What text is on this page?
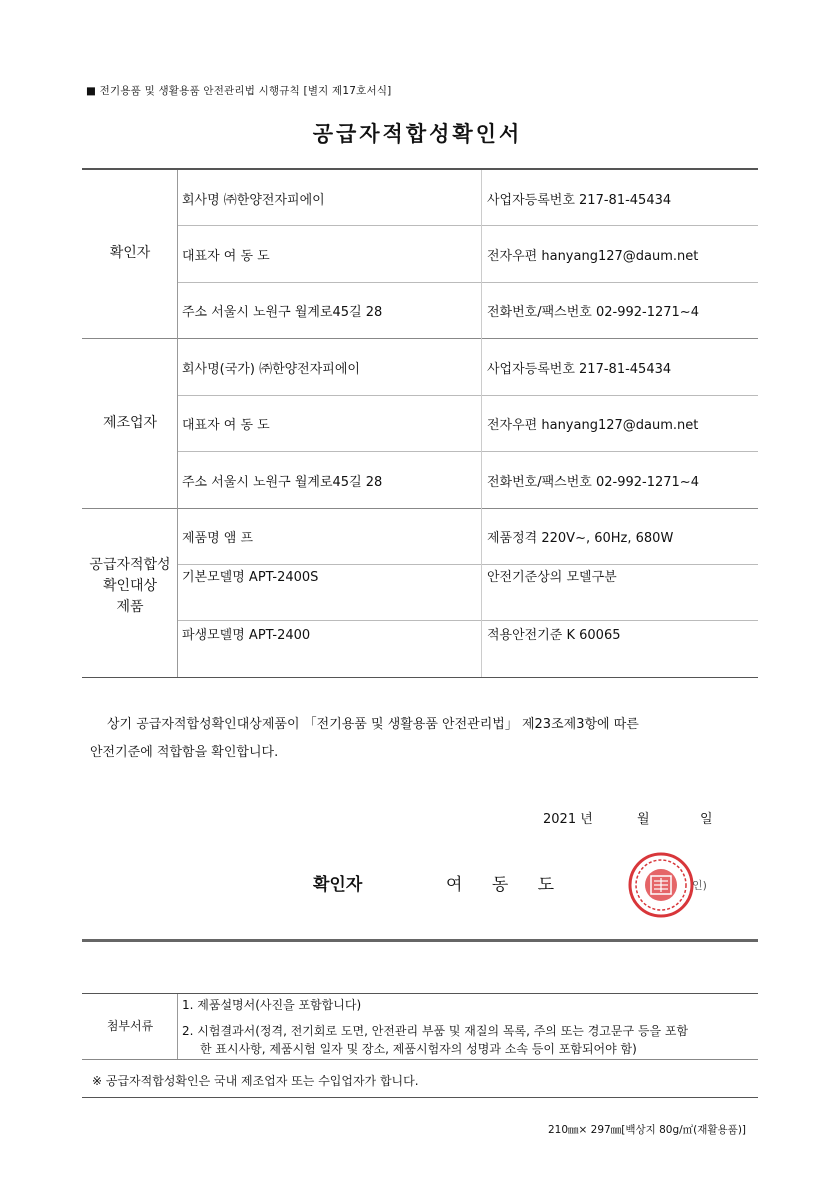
■ 전기용품 및 생활용품 안전관리법 시행규칙 [별지 제17호서식]
공급자적합성확인서
확인자
회사명 ㈜한양전자피에이	사업자등록번호 217-81-45434
대표자 여 동 도	전자우편 hanyang127@daum.net
주소 서울시 노원구 월계로45길 28	전화번호/팩스번호 02-992-1271~4
제조업자
회사명(국가) ㈜한양전자피에이	사업자등록번호 217-81-45434
대표자 여 동 도	전자우편 hanyang127@daum.net
주소 서울시 노원구 월계로45길 28	전화번호/팩스번호 02-992-1271~4
공급자적합성
확인대상
제품
제품명 앰 프	제품정격 220V~, 60Hz, 680W
기본모델명 APT-2400S	안전기준상의 모델구분
파생모델명 APT-2400	적용안전기준 K 60065
상기 공급자적합성확인대상제품이 「전기용품 및 생활용품 안전관리법」 제23조제3항에 따른
안전기준에 적합함을 확인합니다.
2021 년	월	일
확인자	여 동 도	인)
첨부서류
1. 제품설명서(사진을 포함합니다)
2. 시험결과서(정격, 전기회로 도면, 안전관리 부품 및 재질의 목록, 주의 또는 경고문구 등을 포함
한 표시사항, 제품시험 일자 및 장소, 제품시험자의 성명과 소속 등이 포함되어야 함)
※ 공급자적합성확인은 국내 제조업자 또는 수입업자가 합니다.
210㎜× 297㎜[백상지 80g/㎡(재활용품)]
